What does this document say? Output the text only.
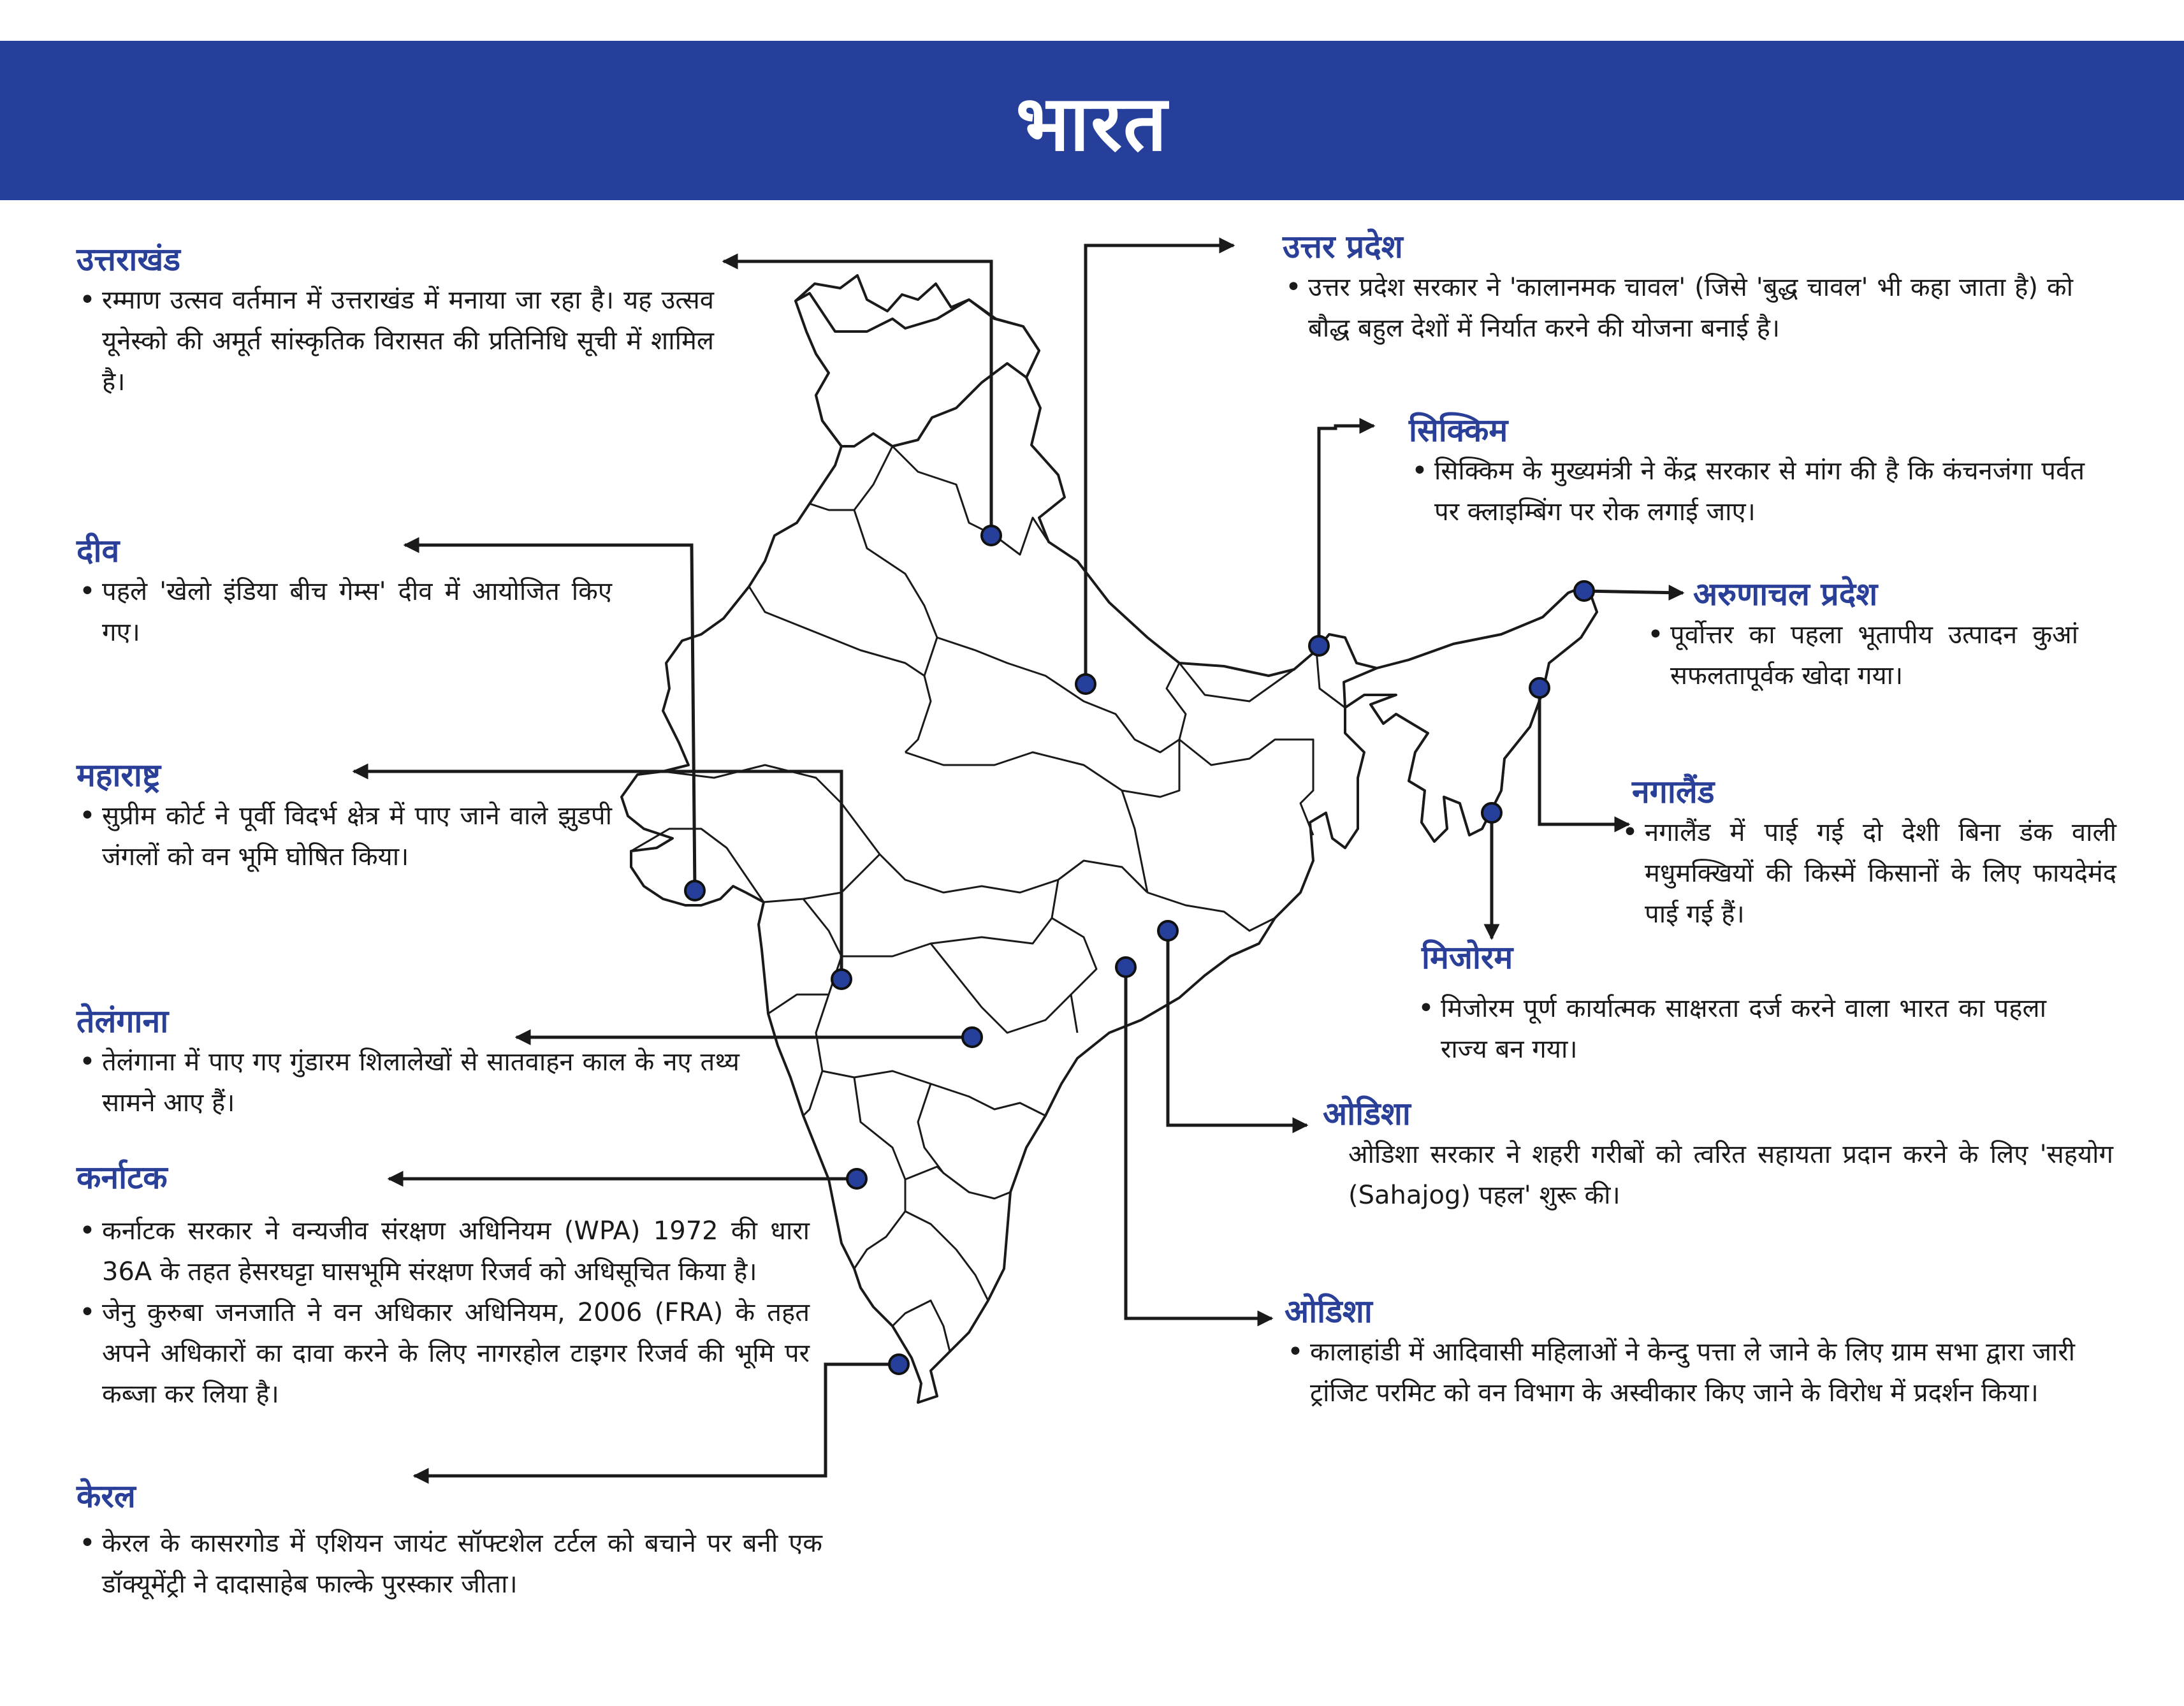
भारत
उत्तराखंड

• रम्माण उत्सव वर्तमान में उत्तराखंड में मनाया जा रहा है। यह उत्सव यूनेस्को की अमूर्त सांस्कृतिक विरासत की प्रतिनिधि सूची में शामिल है।

दीव

• पहले 'खेलो इंडिया बीच गेम्स' दीव में आयोजित किए गए।

महाराष्ट्र

• सुप्रीम कोर्ट ने पूर्वी विदर्भ क्षेत्र में पाए जाने वाले झुडपी जंगलों को वन भूमि घोषित किया।

तेलंगाना

• तेलंगाना में पाए गए गुंडारम शिलालेखों से सातवाहन काल के नए तथ्य सामने आए हैं।

कर्नाटक

• कर्नाटक सरकार ने वन्यजीव संरक्षण अधिनियम (WPA) 1972 की धारा 36A के तहत हेसरघट्टा घासभूमि संरक्षण रिजर्व को अधिसूचित किया है।

• जेनु कुरुबा जनजाति ने वन अधिकार अधिनियम, 2006 (FRA) के तहत अपने अधिकारों का दावा करने के लिए नागरहोल टाइगर रिजर्व की भूमि पर कब्जा कर लिया है।

केरल

• केरल के कासरगोड में एशियन जायंट सॉफ्टशेल टर्टल को बचाने पर बनी एक डॉक्यूमेंट्री ने दादासाहेब फाल्के पुरस्कार जीता।

उत्तर प्रदेश

• उत्तर प्रदेश सरकार ने 'कालानमक चावल' (जिसे 'बुद्ध चावल' भी कहा जाता है) को बौद्ध बहुल देशों में निर्यात करने की योजना बनाई है।

सिक्किम

• सिक्किम के मुख्यमंत्री ने केंद्र सरकार से मांग की है कि कंचनजंगा पर्वत पर क्लाइम्बिंग पर रोक लगाई जाए।

अरुणाचल प्रदेश

• पूर्वोत्तर का पहला भूतापीय उत्पादन कुआं सफलतापूर्वक खोदा गया।

नगालैंड

• नगालैंड में पाई गई दो देशी बिना डंक वाली मधुमक्खियों की किस्में किसानों के लिए फायदेमंद पाई गई हैं।

मिजोरम

• मिजोरम पूर्ण कार्यात्मक साक्षरता दर्ज करने वाला भारत का पहला राज्य बन गया।

ओडिशा

ओडिशा सरकार ने शहरी गरीबों को त्वरित सहायता प्रदान करने के लिए 'सहयोग (Sahajog) पहल' शुरू की।

ओडिशा

• कालाहांडी में आदिवासी महिलाओं ने केन्दु पत्ता ले जाने के लिए ग्राम सभा द्वारा जारी ट्रांजिट परमिट को वन विभाग के अस्वीकार किए जाने के विरोध में प्रदर्शन किया।
